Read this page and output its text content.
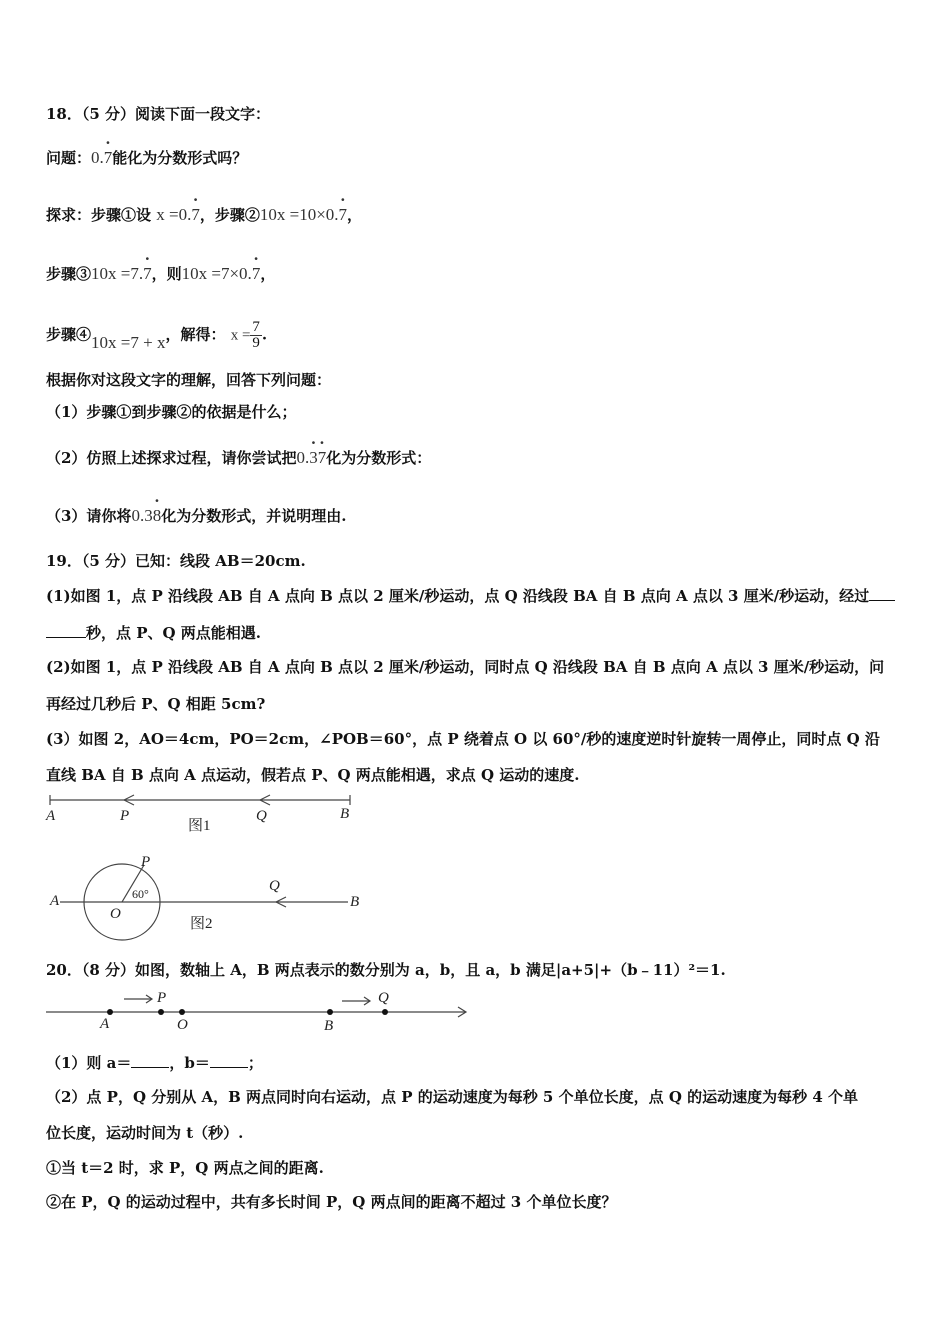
18．（5 分）阅读下面一段文字：
问题：0.· 7能化为分数形式吗？
探求：步骤①设 x =0.· 7，步骤②10x =10×0.· 7，
步骤③10x =7.· 7，则10x =7×0.· 7，
步骤④10x =7 + x，解得： $x = \frac{7}{9}$ .
根据你对这段文字的理解，回答下列问题：
（1）步骤①到步骤②的依据是什么；
（2）仿照上述探求过程，请你尝试把0.· 3· 7化为分数形式：
（3）请你将0.3· 8化为分数形式，并说明理由.
19．（5 分）已知：线段 AB＝20cm.
(1)如图 1，点 P 沿线段 AB 自 A 点向 B 点以 2 厘米/秒运动，点 Q 沿线段 BA 自 B 点向 A 点以 3 厘米/秒运动，经过
秒，点 P、Q 两点能相遇.
(2)如图 1，点 P 沿线段 AB 自 A 点向 B 点以 2 厘米/秒运动，同时点 Q 沿线段 BA 自 B 点向 A 点以 3 厘米/秒运动，问
再经过几秒后 P、Q 相距 5cm?
(3）如图 2，AO＝4cm，PO＝2cm，∠POB＝60°，点 P 绕着点 O 以 60°/秒的速度逆时针旋转一周停止，同时点 Q 沿
直线 BA 自 B 点向 A 点运动，假若点 P、Q 两点能相遇，求点 Q 运动的速度.
A	P	Q	B
图1
A
O
P
60°	Q
B
图2
20．（8 分）如图，数轴上 A，B 两点表示的数分别为 a，b，且 a，b 满足|a+5|+（b﹣11）²＝1.
A
P
O	B
Q
（1）则 a＝	，b＝	；
（2）点 P，Q 分别从 A，B 两点同时向右运动，点 P 的运动速度为每秒 5 个单位长度，点 Q 的运动速度为每秒 4 个单
位长度，运动时间为 t（秒）.
①当 t＝2 时，求 P，Q 两点之间的距离.
②在 P，Q 的运动过程中，共有多长时间 P，Q 两点间的距离不超过 3 个单位长度？
